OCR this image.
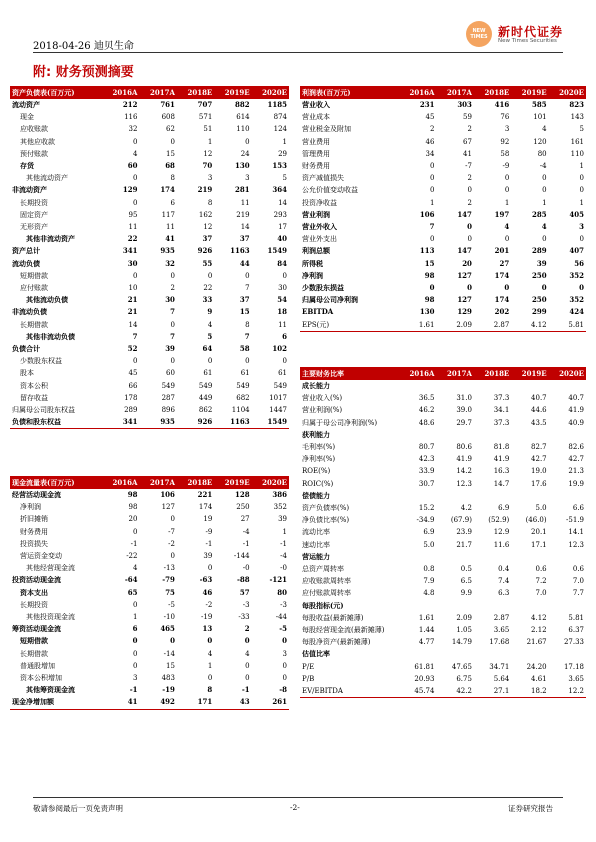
2018-04-26 迪贝生命
NEW TIMES 新时代证券
New Times Securities
附: 财务预测摘要
资产负债表(百万元)	2016A	2017A	2018E	2019E	2020E
流动资产	212	761	707	882	1185
现金	116	608	571	614	874
应收账款	32	62	51	110	124
其他应收款	0	0	1	0	1
预付账款	4	15	12	24	29
存货	60	68	70	130	153
其他流动资产	0	8	3	3	5
非流动资产	129	174	219	281	364
长期投资	0	6	8	11	14
固定资产	95	117	162	219	293
无形资产	11	11	12	14	17
其他非流动资产	22	41	37	37	40
资产总计	341	935	926	1163	1549
流动负债	30	32	55	44	84
短期借款	0	0	0	0	0
应付账款	10	2	22	7	30
其他流动负债	21	30	33	37	54
非流动负债	21	7	9	15	18
长期借款	14	0	4	8	11
其他非流动负债	7	7	5	7	6
负债合计	52	39	64	58	102
少数股东权益	0	0	0	0	0
股本	45	60	61	61	61
资本公积	66	549	549	549	549
留存收益	178	287	449	682	1017
归属母公司股东权益	289	896	862	1104	1447
负债和股东权益	341	935	926	1163	1549
现金流量表(百万元)	2016A	2017A	2018E	2019E	2020E
经营活动现金流	98	106	221	128	386
净利润	98	127	174	250	352
折旧摊销	20	0	19	27	39
财务费用	0	-7	-9	-4	1
投资损失	-1	-2	-1	-1	-1
营运资金变动	-22	0	39	-144	-4
其他经营现金流	4	-13	0	-0	-0
投资活动现金流	-64	-79	-63	-88	-121
资本支出	65	75	46	57	80
长期投资	0	-5	-2	-3	-3
其他投资现金流	1	-10	-19	-33	-44
筹资活动现金流	6	465	13	2	-5
短期借款	0	0	0	0	0
长期借款	0	-14	4	4	3
普通股增加	0	15	1	0	0
资本公积增加	3	483	0	0	0
其他筹资现金流	-1	-19	8	-1	-8
现金净增加额	41	492	171	43	261
利润表(百万元)	2016A	2017A	2018E	2019E	2020E
营业收入	231	303	416	585	823
营业成本	45	59	76	101	143
营业税金及附加	2	2	3	4	5
营业费用	46	67	92	120	161
管理费用	34	41	58	80	110
财务费用	0	-7	-9	-4	1
资产减值损失	0	2	0	0	0
公允价值变动收益	0	0	0	0	0
投资净收益	1	2	1	1	1
营业利润	106	147	197	285	405
营业外收入	7	0	4	4	3
营业外支出	0	0	0	0	0
利润总额	113	147	201	289	407
所得税	15	20	27	39	56
净利润	98	127	174	250	352
少数股东损益	0	0	0	0	0
归属母公司净利润	98	127	174	250	352
EBITDA	130	129	202	299	424
EPS(元)	1.61	2.09	2.87	4.12	5.81
主要财务比率	2016A	2017A	2018E	2019E	2020E
成长能力					
营业收入(%)	36.5	31.0	37.3	40.7	40.7
营业利润(%)	46.2	39.0	34.1	44.6	41.9
归属于母公司净利润(%)	48.6	29.7	37.3	43.5	40.9
获利能力					
毛利率(%)	80.7	80.6	81.8	82.7	82.6
净利率(%)	42.3	41.9	41.9	42.7	42.7
ROE(%)	33.9	14.2	16.3	19.0	21.3
ROIC(%)	30.7	12.3	14.7	17.6	19.9
偿债能力					
资产负债率(%)	15.2	4.2	6.9	5.0	6.6
净负债比率(%)	-34.9	(67.9)	(52.9)	(46.0)	-51.9
流动比率	6.9	23.9	12.9	20.1	14.1
速动比率	5.0	21.7	11.6	17.1	12.3
营运能力					
总资产周转率	0.8	0.5	0.4	0.6	0.6
应收账款周转率	7.9	6.5	7.4	7.2	7.0
应付账款周转率	4.8	9.9	6.3	7.0	7.7
每股指标(元)					
每股收益(最新摊薄)	1.61	2.09	2.87	4.12	5.81
每股经营现金流(最新摊薄)	1.44	1.05	3.65	2.12	6.37
每股净资产(最新摊薄)	4.77	14.79	17.68	21.67	27.33
估值比率					
P/E	61.81	47.65	34.71	24.20	17.18
P/B	20.93	6.75	5.64	4.61	3.65
EV/EBITDA	45.74	42.2	27.1	18.2	12.2
敬请参阅最后一页免责声明	-2-	证券研究报告
